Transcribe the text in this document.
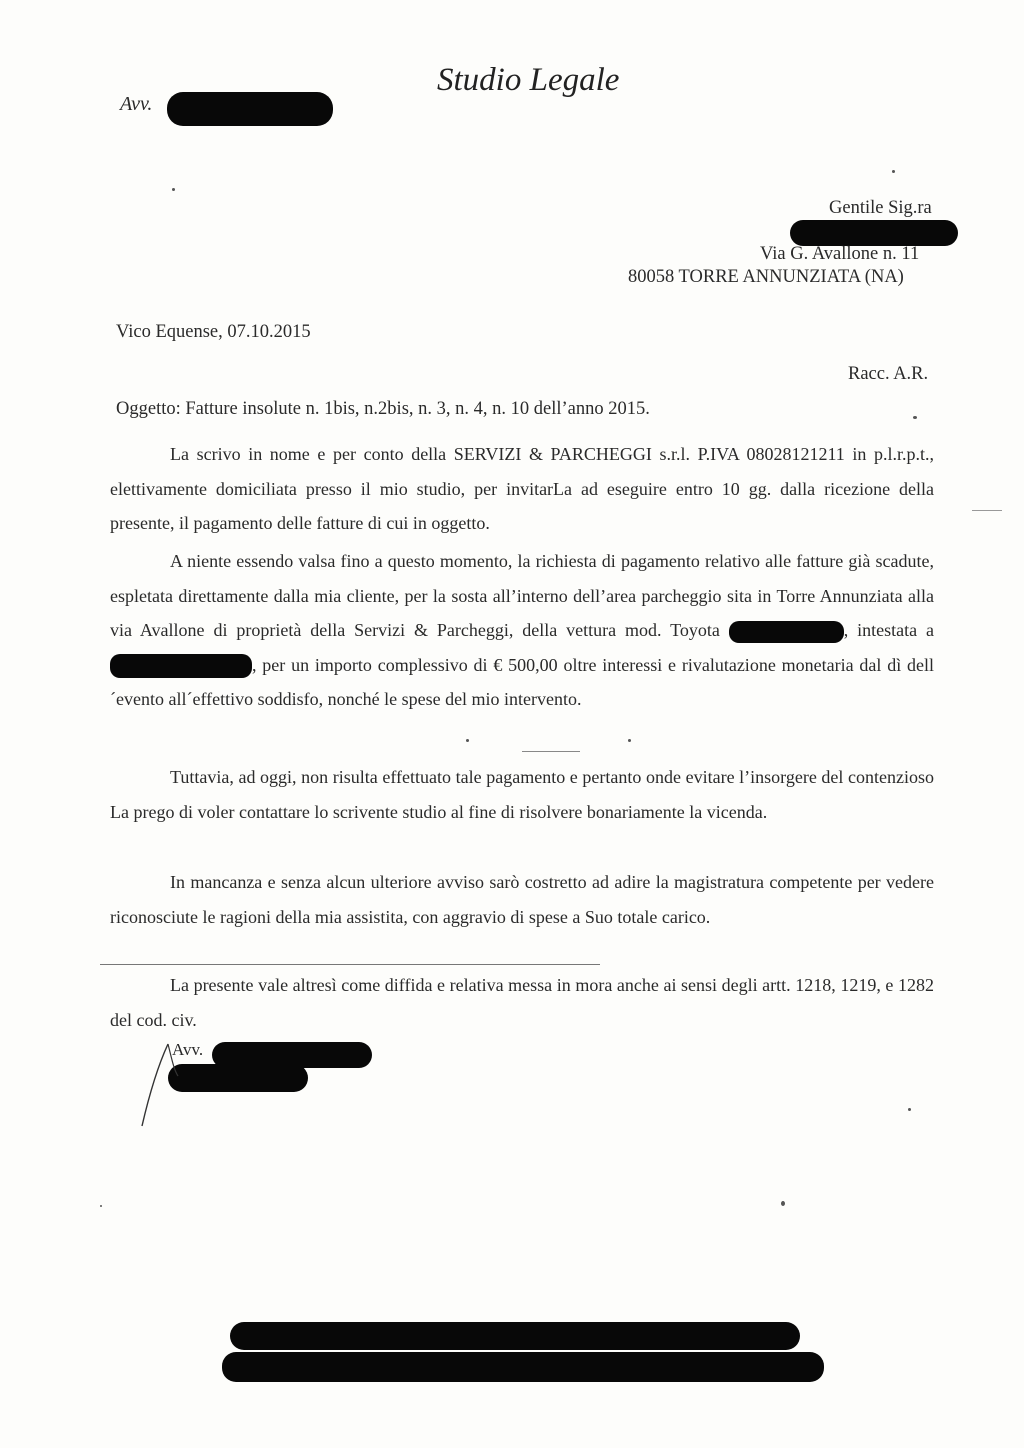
Studio Legale
Avv.
Gentile Sig.ra
Via G. Avallone n. 11
80058 TORRE ANNUNZIATA (NA)
Vico Equense, 07.10.2015
Racc. A.R.
Oggetto: Fatture insolute n. 1bis, n.2bis, n. 3, n. 4, n. 10 dell’anno 2015.
La scrivo in nome e per conto della SERVIZI & PARCHEGGI s.r.l. P.IVA 08028121211 in p.l.r.p.t., elettivamente domiciliata presso il mio studio, per invitarLa ad eseguire entro 10 gg. dalla ricezione della presente, il pagamento delle fatture di cui in oggetto.
A niente essendo valsa fino a questo momento, la richiesta di pagamento relativo alle fatture già scadute, espletata direttamente dalla mia cliente, per la sosta all’interno dell’area parcheggio sita in Torre Annunziata alla via Avallone di proprietà della Servizi & Parcheggi, della vettura mod. Toyota	, intestata a , per un importo complessivo di € 500,00 oltre interessi e rivalutazione monetaria dal dì dell´evento all´effettivo soddisfo, nonché le spese del mio intervento.
Tuttavia, ad oggi, non risulta effettuato tale pagamento e pertanto onde evitare l’insorgere del contenzioso La prego di voler contattare lo scrivente studio al fine di risolvere bonariamente la vicenda.
In mancanza e senza alcun ulteriore avviso sarò costretto ad adire la magistratura competente per vedere riconosciute le ragioni della mia assistita, con aggravio di spese a Suo totale carico.
La presente vale altresì come diffida e relativa messa in mora anche ai sensi degli artt. 1218, 1219, e 1282 del cod. civ.
Avv.
